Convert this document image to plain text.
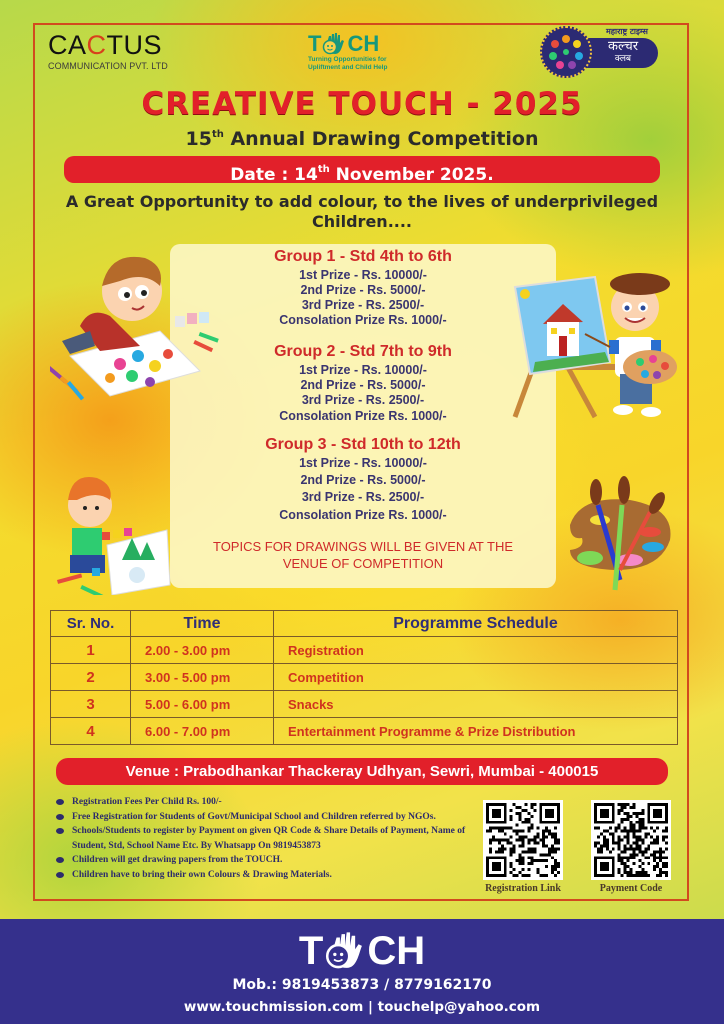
CACTUS
COMMUNICATION PVT. LTD
T CH
Turning Opportunities for
Upliftment and Child Help
कल्चर
क्लब
महाराष्ट्र टाइम्स
CREATIVE TOUCH - 2025
15th Annual Drawing Competition
Date : 14th November 2025.
A Great Opportunity to add colour, to the lives of underprivileged Children....
Group 1 - Std 4th to 6th
1st Prize - Rs. 10000/-
2nd Prize - Rs. 5000/-
3rd Prize - Rs. 2500/-
Consolation Prize Rs. 1000/-
Group 2 - Std 7th to 9th
1st Prize - Rs. 10000/-
2nd Prize - Rs. 5000/-
3rd Prize - Rs. 2500/-
Consolation Prize Rs. 1000/-
Group 3 - Std 10th to 12th
1st Prize - Rs. 10000/-
2nd Prize - Rs. 5000/-
3rd Prize - Rs. 2500/-
Consolation Prize Rs. 1000/-
TOPICS FOR DRAWINGS WILL BE GIVEN AT THE
VENUE OF COMPETITION
Sr. No.	Time	Programme Schedule
1	2.00 - 3.00 pm	Registration
2	3.00 - 5.00 pm	Competition
3	5.00 - 6.00 pm	Snacks
4	6.00 - 7.00 pm	Entertainment Programme & Prize Distribution
Venue : Prabodhankar Thackeray Udhyan, Sewri, Mumbai - 400015
Registration Fees Per Child Rs. 100/-
Free Registration for Students of Govt/Municipal School and Children referred by NGOs.
Schools/Students to register by Payment on given QR Code & Share Details of Payment, Name of Student, Std, School Name Etc. By Whatsapp On 9819453873
Children will get drawing papers from the TOUCH.
Children have to bring their own Colours & Drawing Materials.
Registration Link	Payment Code
T CH
Mob.: 9819453873 / 8779162170
www.touchmission.com | touchelp@yahoo.com
